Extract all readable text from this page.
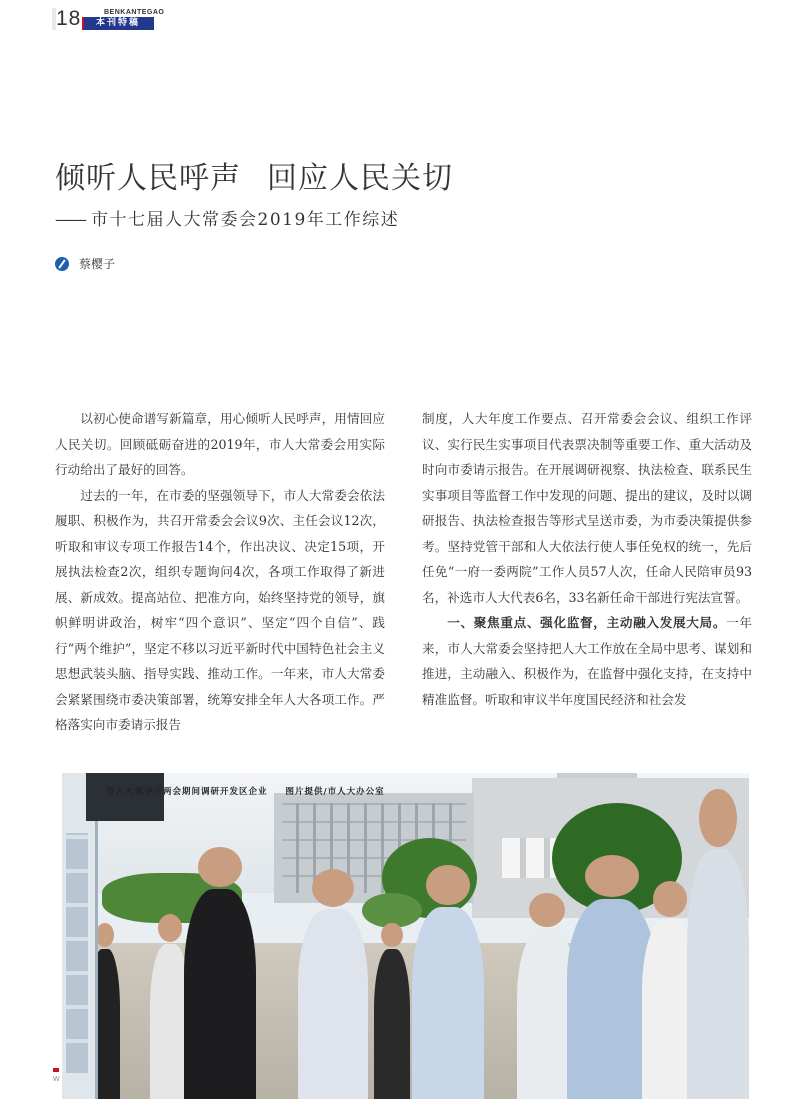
18	BENKANTEGAO
本刊特稿
倾听人民呼声 回应人民关切
—— 市十七届人大常委会2019年工作综述
蔡樱子

以初心使命谱写新篇章，用心倾听人民呼声，用情回应人民关切。回顾砥砺奋进的2019年，市人大常委会用实际行动给出了最好的回答。

过去的一年，在市委的坚强领导下，市人大常委会依法履职、积极作为，共召开常委会会议9次、主任会议12次，听取和审议专项工作报告14个，作出决议、决定15项，开展执法检查2次，组织专题询问4次，各项工作取得了新进展、新成效。提高站位、把准方向，始终坚持党的领导，旗帜鲜明讲政治，树牢“四个意识”、坚定“四个自信”、践行“两个维护”，坚定不移以习近平新时代中国特色社会主义思想武装头脑、指导实践、推动工作。一年来，市人大常委会紧紧围绕市委决策部署，统筹安排全年人大各项工作。严格落实向市委请示报告

制度，人大年度工作要点、召开常委会会议、组织工作评议、实行民生实事项目代表票决制等重要工作、重大活动及时向市委请示报告。在开展调研视察、执法检查、联系民生实事项目等监督工作中发现的问题、提出的建议，及时以调研报告、执法检查报告等形式呈送市委，为市委决策提供参考。坚持党管干部和人大依法行使人事任免权的统一，先后任免“一府一委两院”工作人员57人次，任命人民陪审员93名，补选市人大代表6名，33名新任命干部进行宪法宣誓。

一、聚焦重点、强化监督，主动融入发展大局。一年来，市人大常委会坚持把人大工作放在全局中思考、谋划和推进，主动融入、积极作为，在监督中强化支持，在支持中精准监督。听取和审议半年度国民经济和社会发

市人大领导于两会期间调研开发区企业 图片提供/市人大办公室
W
